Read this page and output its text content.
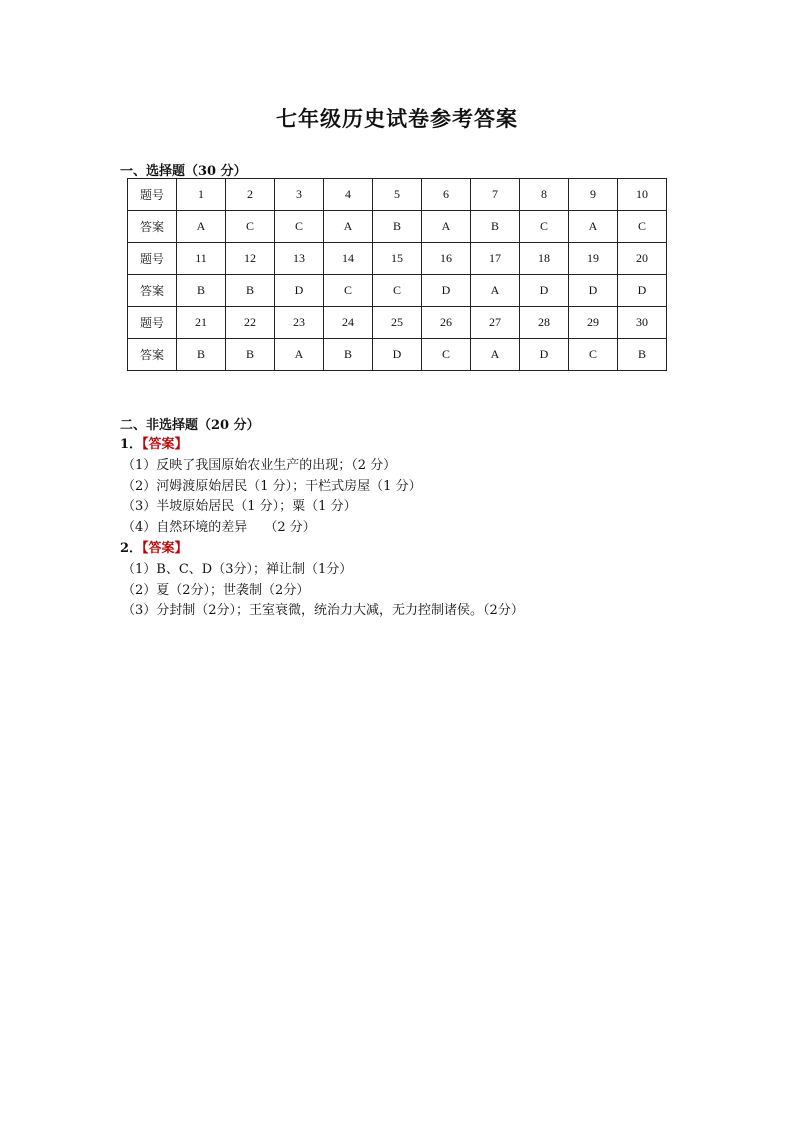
七年级历史试卷参考答案
一、选择题（30 分）
题号	1	2	3	4	5	6	7	8	9	10
答案	A	C	C	A	B	A	B	C	A	C
题号	11	12	13	14	15	16	17	18	19	20
答案	B	B	D	C	C	D	A	D	D	D
题号	21	22	23	24	25	26	27	28	29	30
答案	B	B	A	B	D	C	A	D	C	B
二、非选择题（20 分）
1．【答案】
（1）反映了我国原始农业生产的出现；（2 分）
（2）河姆渡原始居民（1 分）；干栏式房屋（1 分）
（3）半坡原始居民（1 分）；粟（1 分）
（4）自然环境的差异　 （2 分）
2．【答案】
（1）B、C、D（3分）；禅让制（1分）
（2）夏（2分）；世袭制（2分）
（3）分封制（2分）；王室衰微，统治力大减，无力控制诸侯。（2分）
